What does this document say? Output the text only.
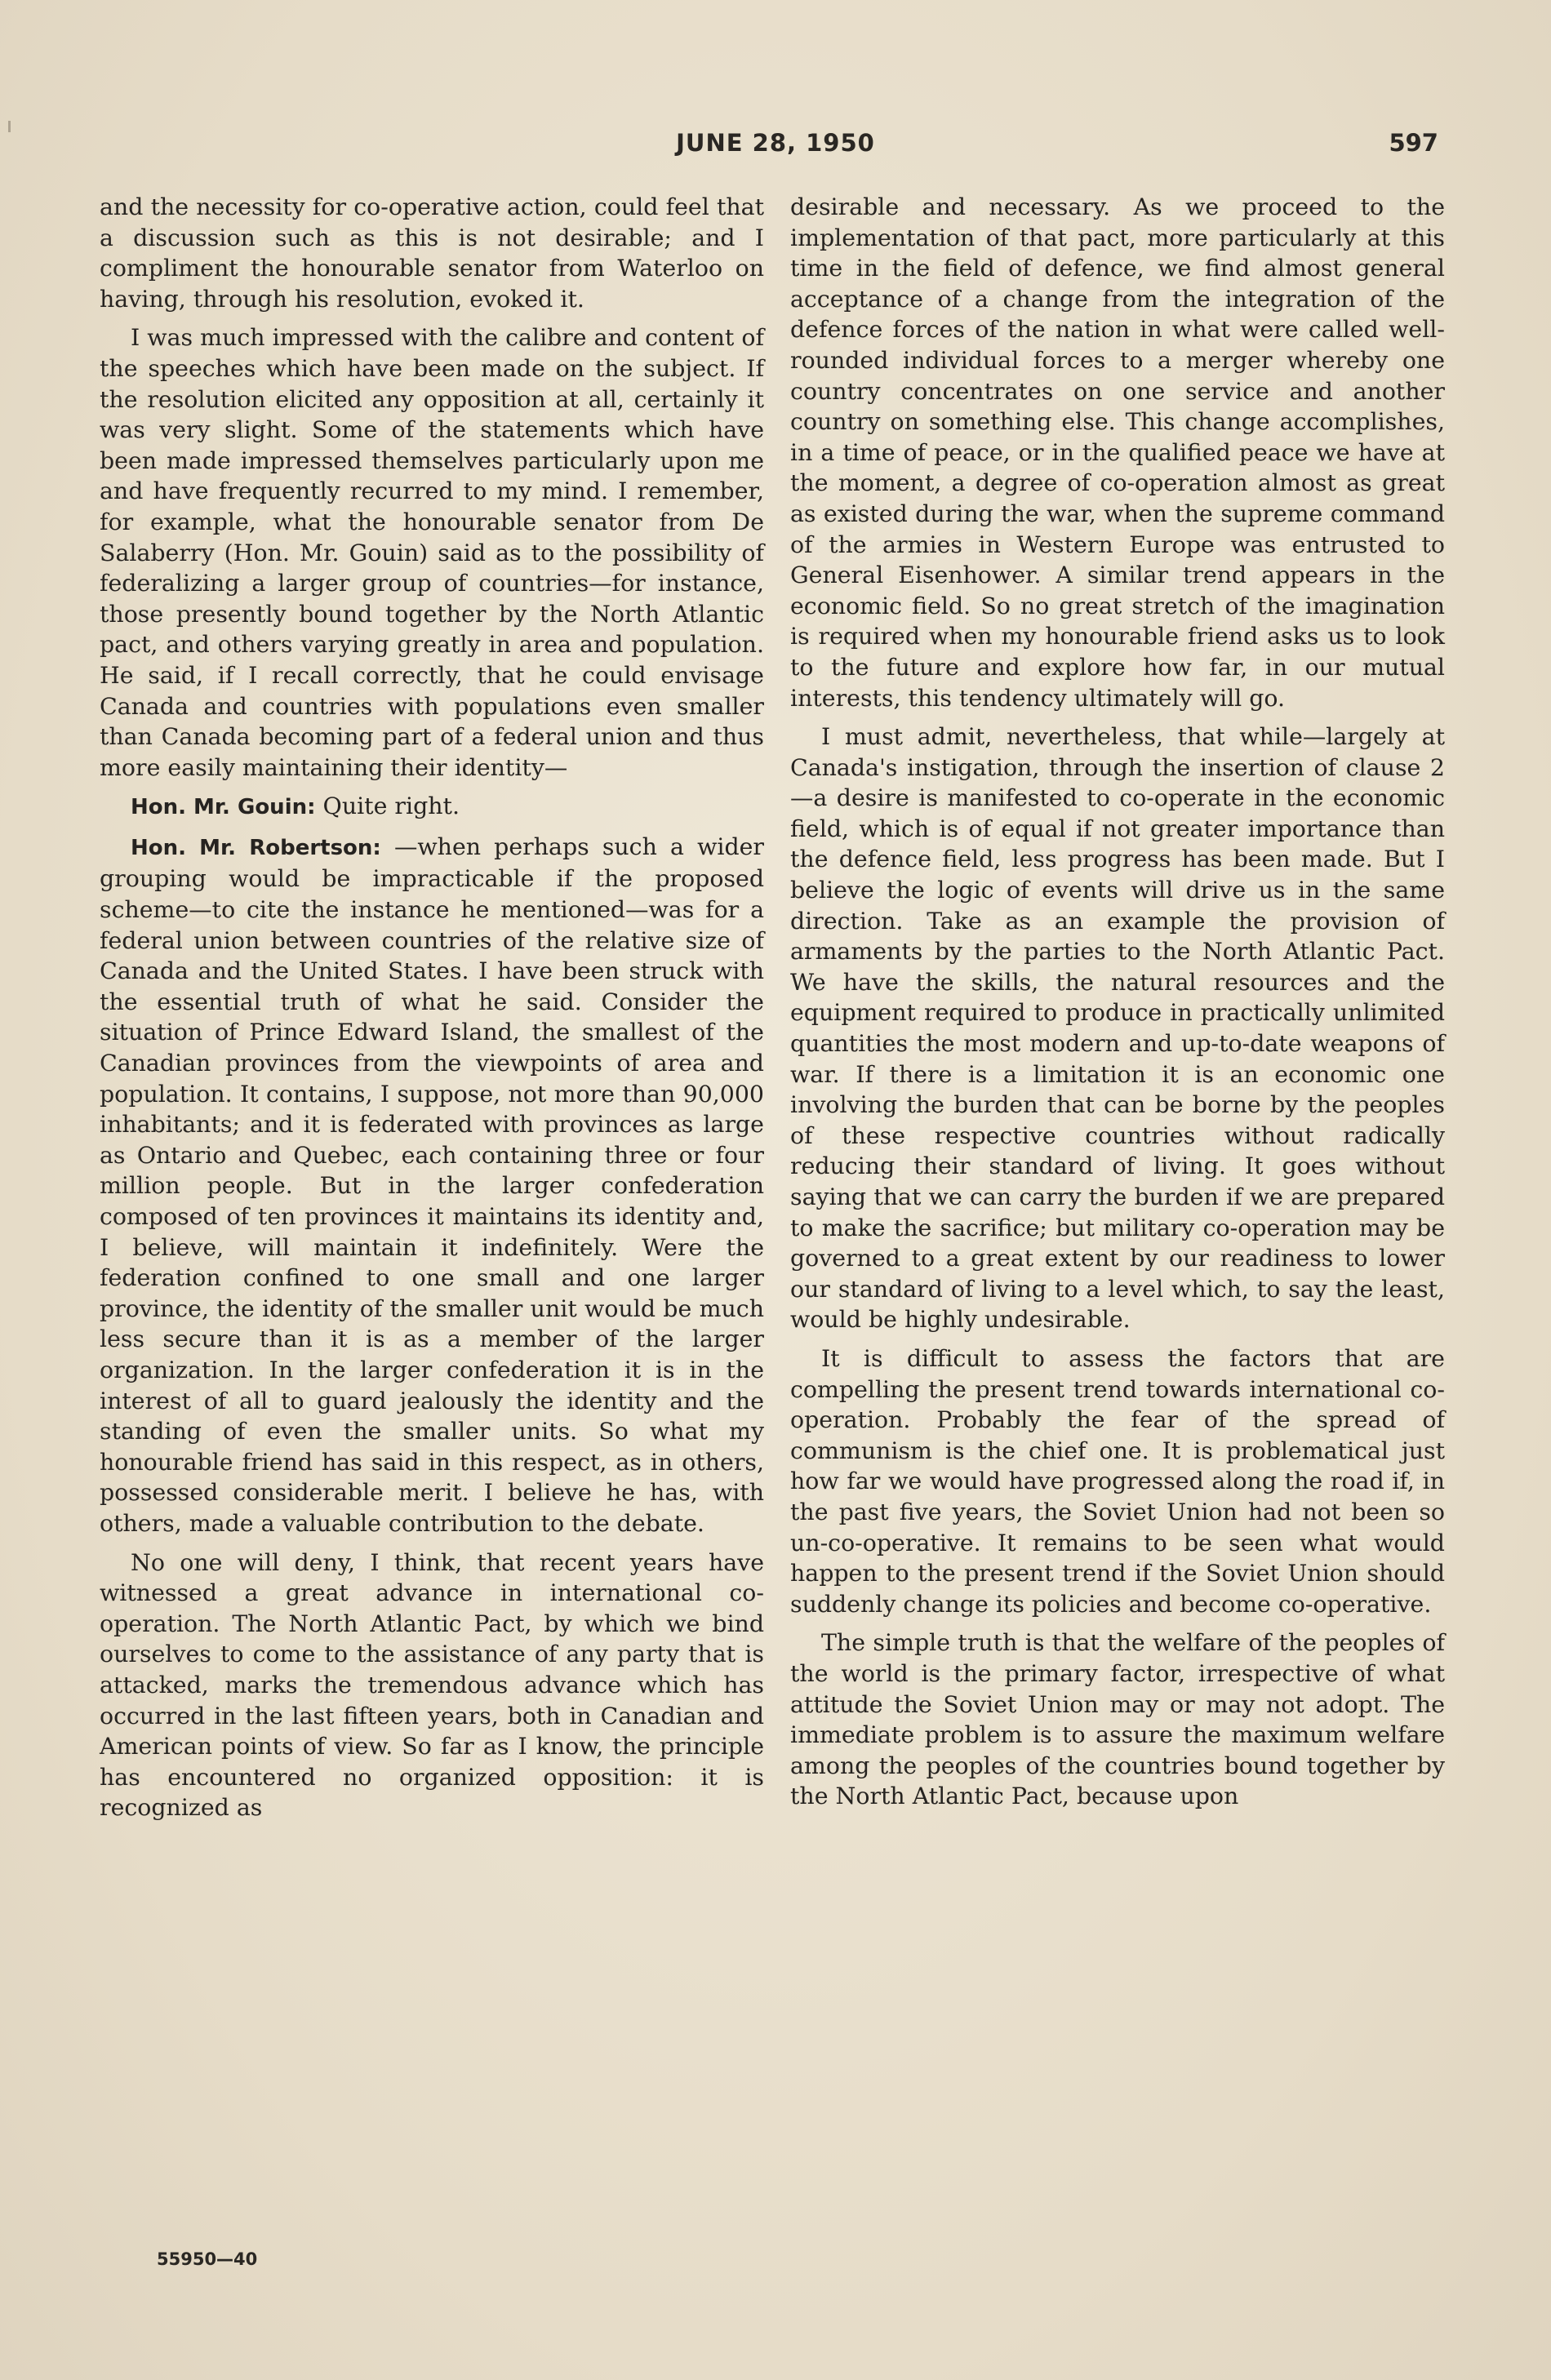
JUNE 28, 1950	597

and the necessity for co-operative action, could feel that a discussion such as this is not desirable; and I compliment the honourable senator from Waterloo on having, through his resolution, evoked it.

I was much impressed with the calibre and content of the speeches which have been made on the subject. If the resolution elicited any opposition at all, certainly it was very slight. Some of the statements which have been made impressed themselves particularly upon me and have frequently recurred to my mind. I remember, for example, what the honourable senator from De Salaberry (Hon. Mr. Gouin) said as to the possibility of federalizing a larger group of countries—for instance, those presently bound together by the North Atlantic pact, and others varying greatly in area and population. He said, if I recall correctly, that he could envisage Canada and countries with populations even smaller than Canada becoming part of a federal union and thus more easily maintaining their identity—

Hon. Mr. Gouin: Quite right.

Hon. Mr. Robertson: —when perhaps such a wider grouping would be impracticable if the proposed scheme—to cite the instance he mentioned—was for a federal union between countries of the relative size of Canada and the United States. I have been struck with the essential truth of what he said. Consider the situation of Prince Edward Island, the smallest of the Canadian provinces from the viewpoints of area and population. It contains, I suppose, not more than 90,000 inhabitants; and it is federated with provinces as large as Ontario and Quebec, each containing three or four million people. But in the larger confederation composed of ten provinces it maintains its identity and, I believe, will maintain it indefinitely. Were the federation confined to one small and one larger province, the identity of the smaller unit would be much less secure than it is as a member of the larger organization. In the larger confederation it is in the interest of all to guard jealously the identity and the standing of even the smaller units. So what my honourable friend has said in this respect, as in others, possessed considerable merit. I believe he has, with others, made a valuable contribution to the debate.

No one will deny, I think, that recent years have witnessed a great advance in international co-operation. The North Atlantic Pact, by which we bind ourselves to come to the assistance of any party that is attacked, marks the tremendous advance which has occurred in the last fifteen years, both in Canadian and American points of view. So far as I know, the principle has encountered no organized opposition: it is recognized as

desirable and necessary. As we proceed to the implementation of that pact, more particularly at this time in the field of defence, we find almost general acceptance of a change from the integration of the defence forces of the nation in what were called well-rounded individual forces to a merger whereby one country concentrates on one service and another country on something else. This change accomplishes, in a time of peace, or in the qualified peace we have at the moment, a degree of co-operation almost as great as existed during the war, when the supreme command of the armies in Western Europe was entrusted to General Eisenhower. A similar trend appears in the economic field. So no great stretch of the imagination is required when my honourable friend asks us to look to the future and explore how far, in our mutual interests, this tendency ultimately will go.

I must admit, nevertheless, that while—largely at Canada's instigation, through the insertion of clause 2—a desire is manifested to co-operate in the economic field, which is of equal if not greater importance than the defence field, less progress has been made. But I believe the logic of events will drive us in the same direction. Take as an example the provision of armaments by the parties to the North Atlantic Pact. We have the skills, the natural resources and the equipment required to produce in practically unlimited quantities the most modern and up-to-date weapons of war. If there is a limitation it is an economic one involving the burden that can be borne by the peoples of these respective countries without radically reducing their standard of living. It goes without saying that we can carry the burden if we are prepared to make the sacrifice; but military co-operation may be governed to a great extent by our readiness to lower our standard of living to a level which, to say the least, would be highly undesirable.

It is difficult to assess the factors that are compelling the present trend towards international co-operation. Probably the fear of the spread of communism is the chief one. It is problematical just how far we would have progressed along the road if, in the past five years, the Soviet Union had not been so un-co-operative. It remains to be seen what would happen to the present trend if the Soviet Union should suddenly change its policies and become co-operative.

The simple truth is that the welfare of the peoples of the world is the primary factor, irrespective of what attitude the Soviet Union may or may not adopt. The immediate problem is to assure the maximum welfare among the peoples of the countries bound together by the North Atlantic Pact, because upon

55950—40
